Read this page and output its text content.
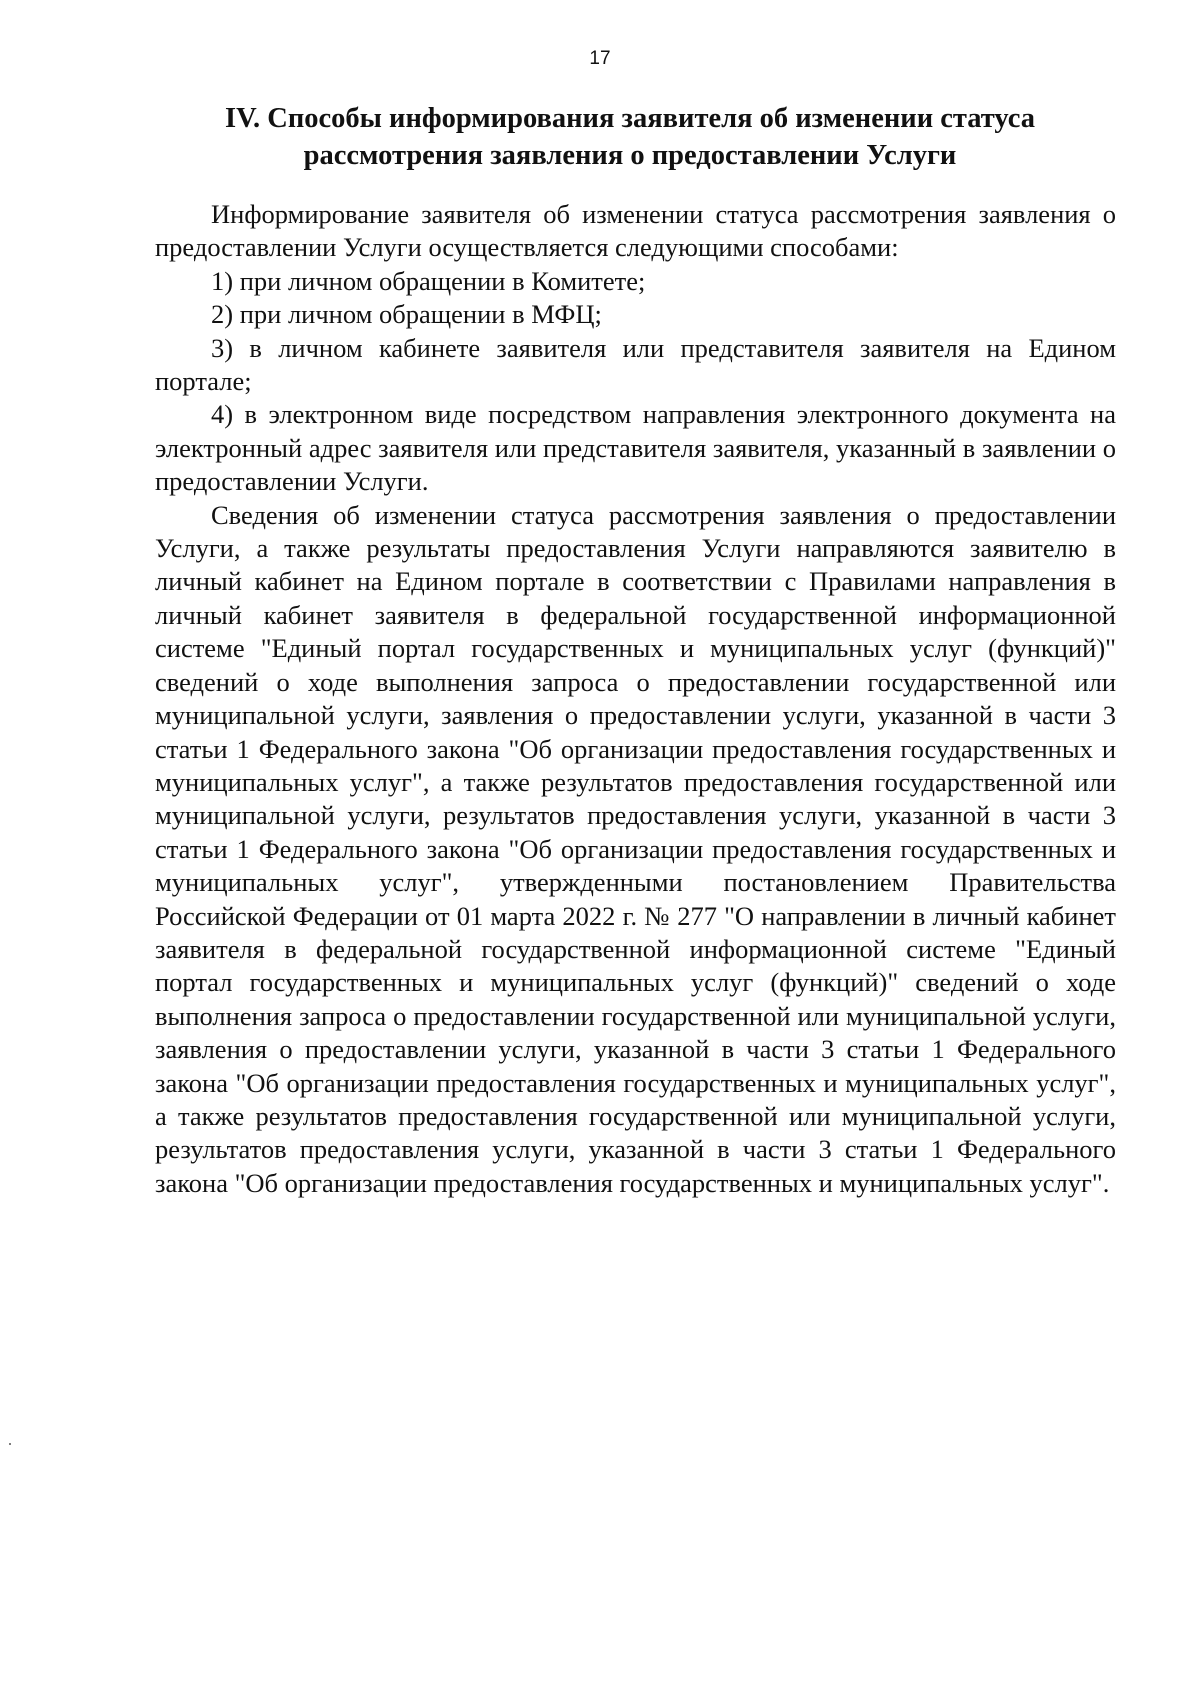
17
IV. Способы информирования заявителя об изменении статуса
рассмотрения заявления о предоставлении Услуги

Информирование заявителя об изменении статуса рассмотрения заявления о предоставлении Услуги осуществляется следующими способами:

1) при личном обращении в Комитете;

2) при личном обращении в МФЦ;

3) в личном кабинете заявителя или представителя заявителя на Едином портале;

4) в электронном виде посредством направления электронного документа на электронный адрес заявителя или представителя заявителя, указанный в заявлении о предоставлении Услуги.

Сведения об изменении статуса рассмотрения заявления о предоставлении Услуги, а также результаты предоставления Услуги направляются заявителю в личный кабинет на Едином портале в соответствии с Правилами направления в личный кабинет заявителя в федеральной государственной информационной системе "Единый портал государственных и муниципальных услуг (функций)" сведений о ходе выполнения запроса о предоставлении государственной или муниципальной услуги, заявления о предоставлении услуги, указанной в части 3 статьи 1 Федерального закона "Об организации предоставления государственных и муниципальных услуг", а также результатов предоставления государственной или муниципальной услуги, результатов предоставления услуги, указанной в части 3 статьи 1 Федерального закона "Об организации предоставления государственных и муниципальных услуг", утвержденными постановлением Правительства Российской Федерации от 01 марта 2022 г. № 277 "О направлении в личный кабинет заявителя в федеральной государственной информационной системе "Единый портал государственных и муниципальных услуг (функций)" сведений о ходе выполнения запроса о предоставлении государственной или муниципальной услуги, заявления о предоставлении услуги, указанной в части 3 статьи 1 Федерального закона "Об организации предоставления государственных и муниципальных услуг", а также результатов предоставления государственной или муниципальной услуги, результатов предоставления услуги, указанной в части 3 статьи 1 Федерального закона "Об организации предоставления государственных и муниципальных услуг".
